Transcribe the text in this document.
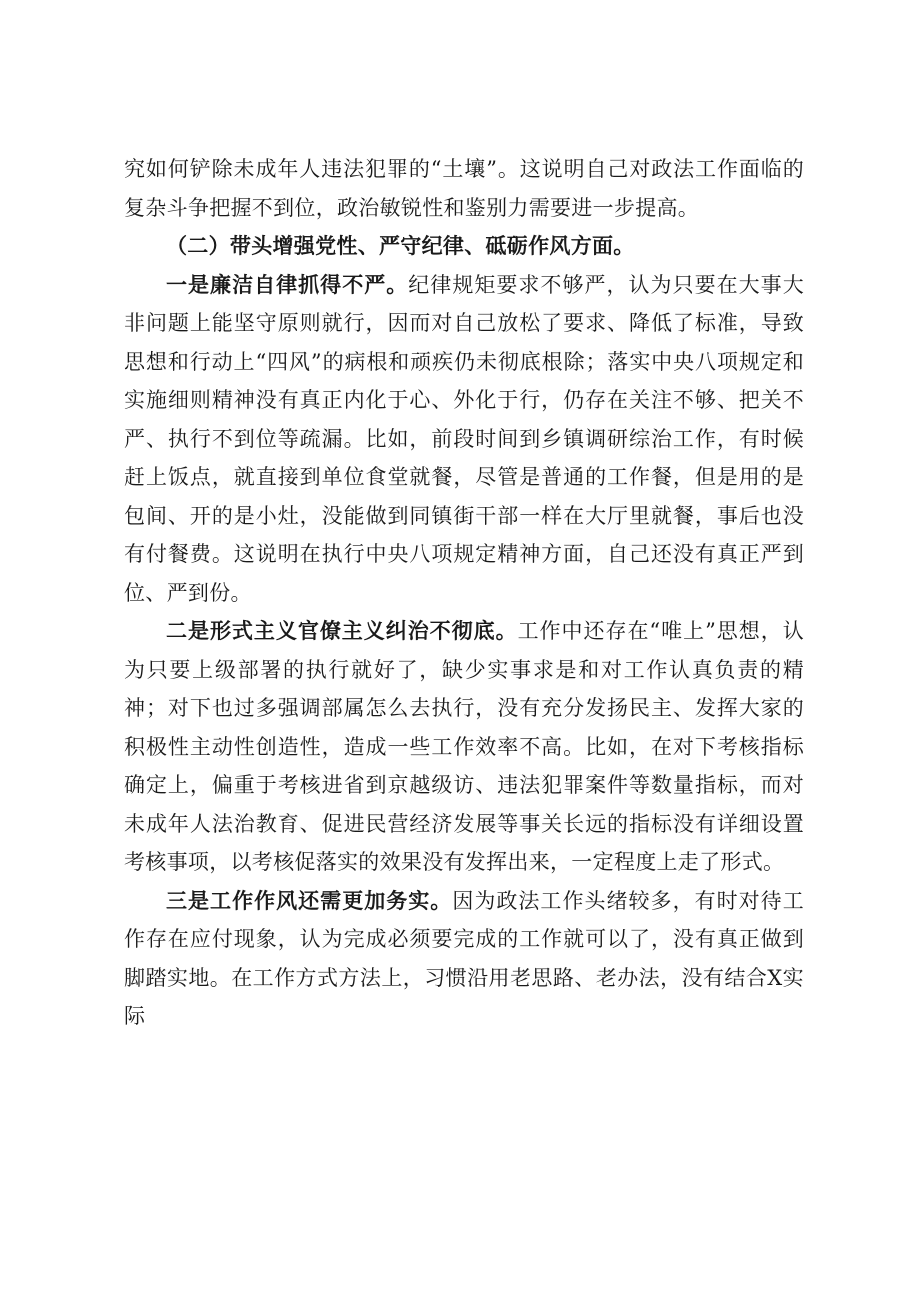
究如何铲除未成年人违法犯罪的“土壤”。这说明自己对政法工作面临的复杂斗争把握不到位，政治敏锐性和鉴别力需要进一步提高。

（二）带头增强党性、严守纪律、砥砺作风方面。

一是廉洁自律抓得不严。纪律规矩要求不够严，认为只要在大事大非问题上能坚守原则就行，因而对自己放松了要求、降低了标准，导致思想和行动上“四风”的病根和顽疾仍未彻底根除；落实中央八项规定和实施细则精神没有真正内化于心、外化于行，仍存在关注不够、把关不严、执行不到位等疏漏。比如，前段时间到乡镇调研综治工作，有时候赶上饭点，就直接到单位食堂就餐，尽管是普通的工作餐，但是用的是包间、开的是小灶，没能做到同镇街干部一样在大厅里就餐，事后也没有付餐费。这说明在执行中央八项规定精神方面，自己还没有真正严到位、严到份。

二是形式主义官僚主义纠治不彻底。工作中还存在“唯上”思想，认为只要上级部署的执行就好了，缺少实事求是和对工作认真负责的精神；对下也过多强调部属怎么去执行，没有充分发扬民主、发挥大家的积极性主动性创造性，造成一些工作效率不高。比如，在对下考核指标确定上，偏重于考核进省到京越级访、违法犯罪案件等数量指标，而对未成年人法治教育、促进民营经济发展等事关长远的指标没有详细设置考核事项，以考核促落实的效果没有发挥出来，一定程度上走了形式。

三是工作作风还需更加务实。因为政法工作头绪较多，有时对待工作存在应付现象，认为完成必须要完成的工作就可以了，没有真正做到脚踏实地。在工作方式方法上，习惯沿用老思路、老办法，没有结合X实际
